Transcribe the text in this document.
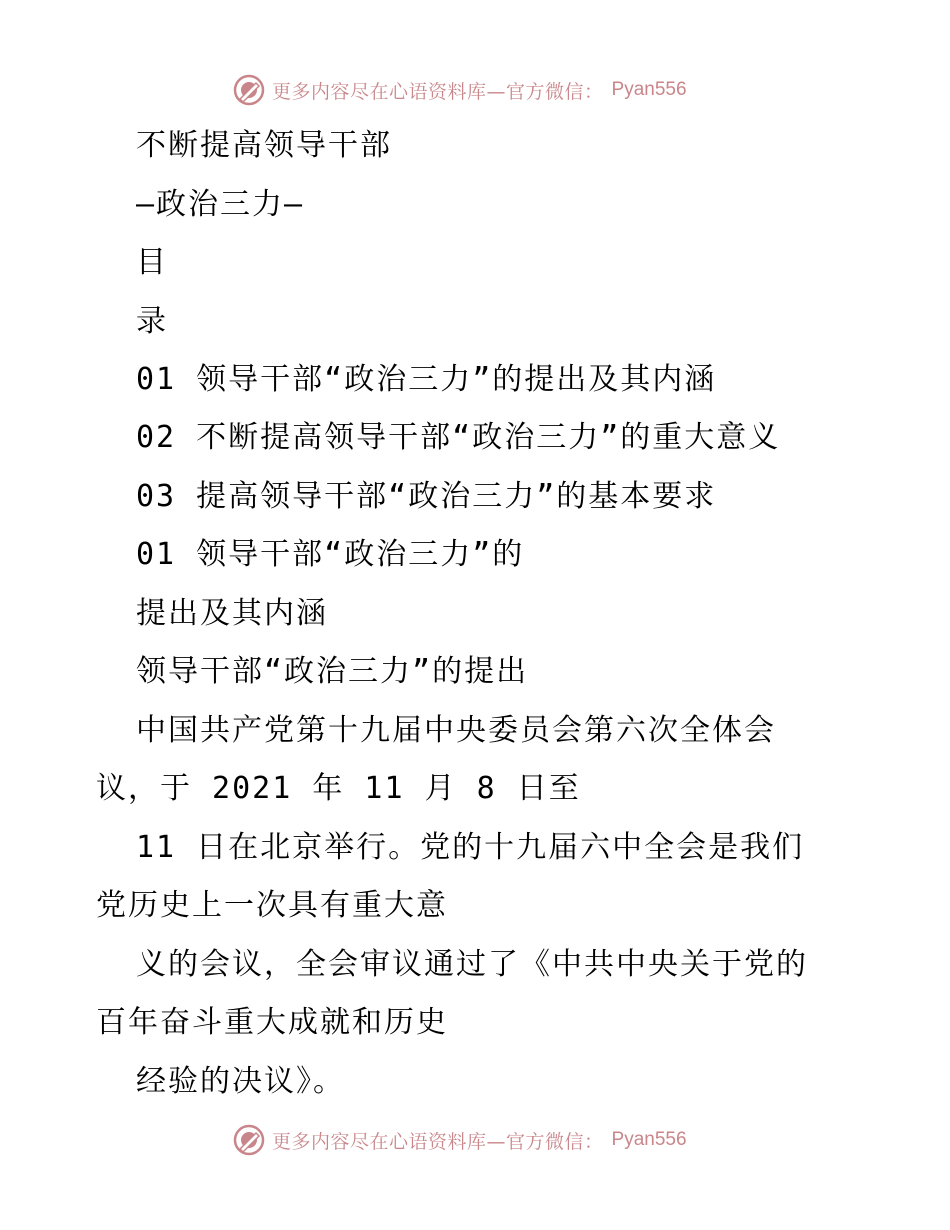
更多内容尽在心语资料库—官方微信： Pyan556
不断提高领导干部
—政治三力—
目
录
01 领导干部“政治三力”的提出及其内涵
02 不断提高领导干部“政治三力”的重大意义
03 提高领导干部“政治三力”的基本要求
01 领导干部“政治三力”的
提出及其内涵
领导干部“政治三力”的提出
中国共产党第十九届中央委员会第六次全体会
议，于 2021 年 11 月 8 日至
11 日在北京举行。党的十九届六中全会是我们
党历史上一次具有重大意
义的会议，全会审议通过了《中共中央关于党的
百年奋斗重大成就和历史
经验的决议》。
更多内容尽在心语资料库—官方微信： Pyan556
